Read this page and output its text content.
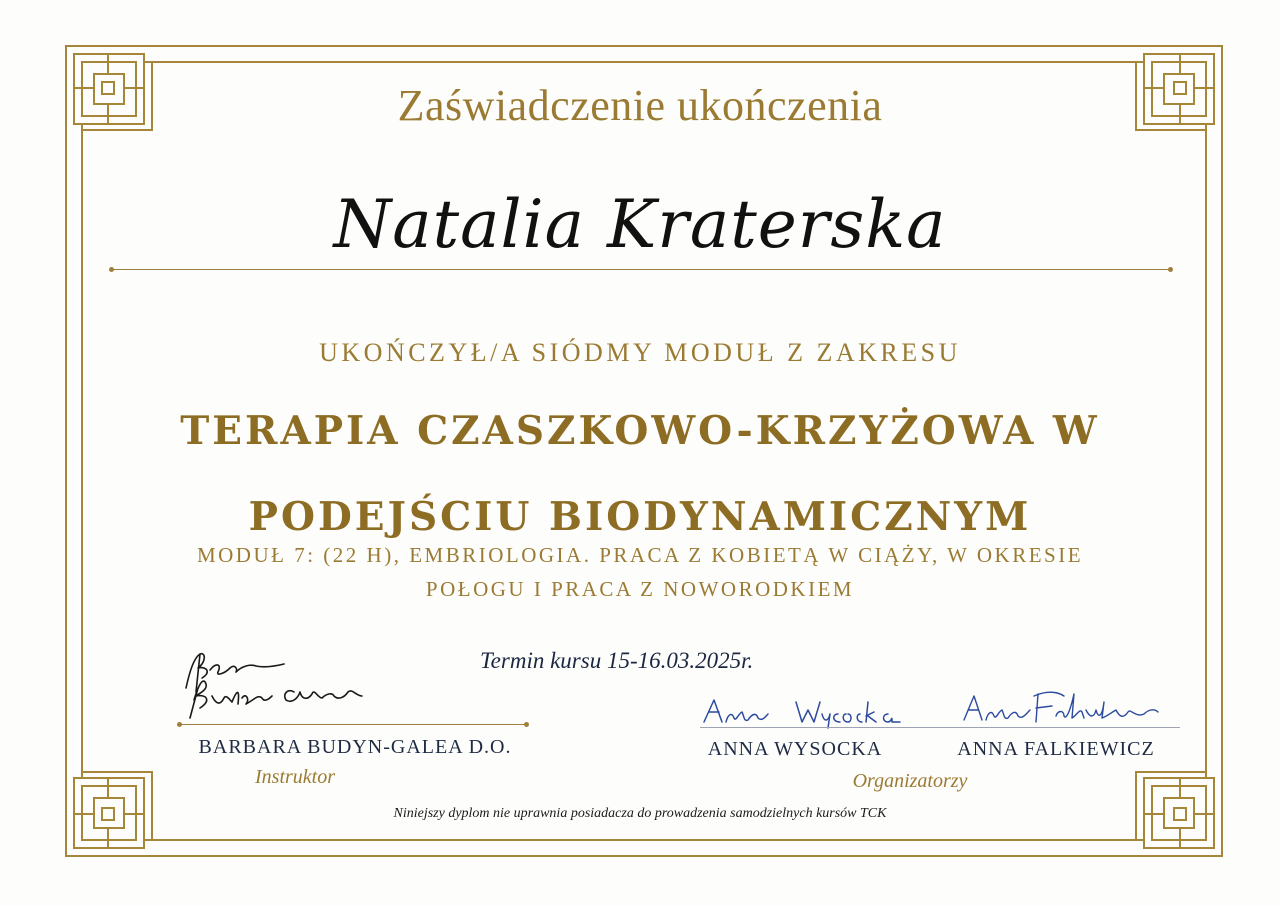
Zaświadczenie ukończenia
Natalia Kraterska
UKOŃCZYŁ/A SIÓDMY MODUŁ Z ZAKRESU
TERAPIA CZASZKOWO-KRZYŻOWA W
PODEJŚCIU BIODYNAMICZNYM
MODUŁ 7: (22 H), EMBRIOLOGIA. PRACA Z KOBIETĄ W CIĄŻY, W OKRESIE
POŁOGU I PRACA Z NOWORODKIEM
Termin kursu 15-16.03.2025r.
BARBARA BUDYN-GALEA D.O.
Instruktor
ANNA WYSOCKA	ANNA FALKIEWICZ
Organizatorzy
Niniejszy dyplom nie uprawnia posiadacza do prowadzenia samodzielnych kursów TCK
